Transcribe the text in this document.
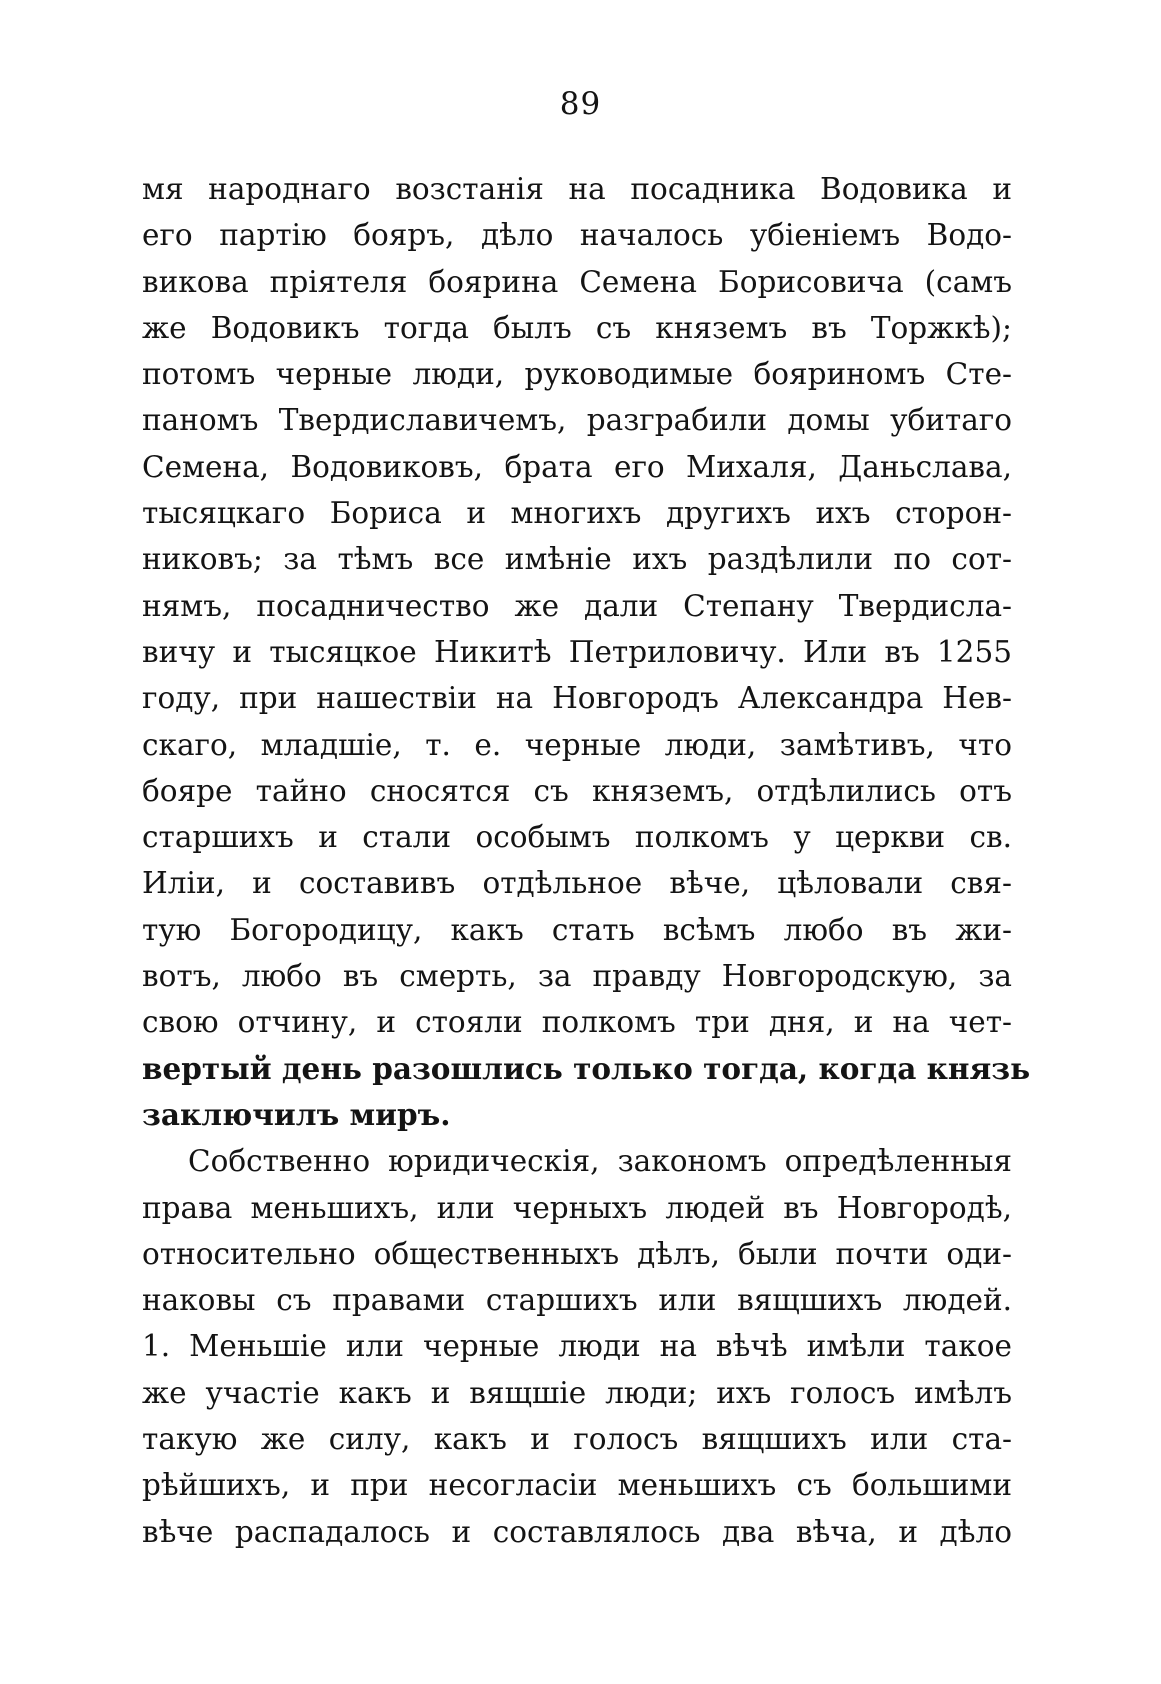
89
мя народнаго возстанія на посадника Водовика и
его партію бояръ, дѣло началось убіеніемъ Водо-
викова пріятеля боярина Семена Борисовича (самъ
же Водовикъ тогда былъ съ княземъ въ Торжкѣ);
потомъ черные люди, руководимые бояриномъ Сте-
паномъ Твердиславичемъ, разграбили домы убитаго
Семена, Водовиковъ, брата его Михаля, Даньслава,
тысяцкаго Бориса и многихъ другихъ ихъ сторон-
никовъ; за тѣмъ все имѣніе ихъ раздѣлили по сот-
нямъ, посадничество же дали Степану Твердисла-
вичу и тысяцкое Никитѣ Петриловичу. Или въ 1255
году, при нашествіи на Новгородъ Александра Нев-
скаго, младшіе, т. е. черные люди, замѣтивъ, что
бояре тайно сносятся съ княземъ, отдѣлились отъ
старшихъ и стали особымъ полкомъ у церкви св.
Иліи, и составивъ отдѣльное вѣче, цѣловали свя-
тую Богородицу, какъ стать всѣмъ любо въ жи-
вотъ, любо въ смерть, за правду Новгородскую, за
свою отчину, и стояли полкомъ три дня, и на чет-
вертый день разошлись только тогда, когда князь
заключилъ миръ.
Собственно юридическія, закономъ опредѣленныя
права меньшихъ, или черныхъ людей въ Новгородѣ,
относительно общественныхъ дѣлъ, были почти оди-
наковы съ правами старшихъ или вящшихъ людей.
1. Меньшіе или черные люди на вѣчѣ имѣли такое
же участіе какъ и вящшіе люди; ихъ голосъ имѣлъ
такую же силу, какъ и голосъ вящшихъ или ста-
рѣйшихъ, и при несогласіи меньшихъ съ большими
вѣче распадалось и составлялось два вѣча, и дѣло
